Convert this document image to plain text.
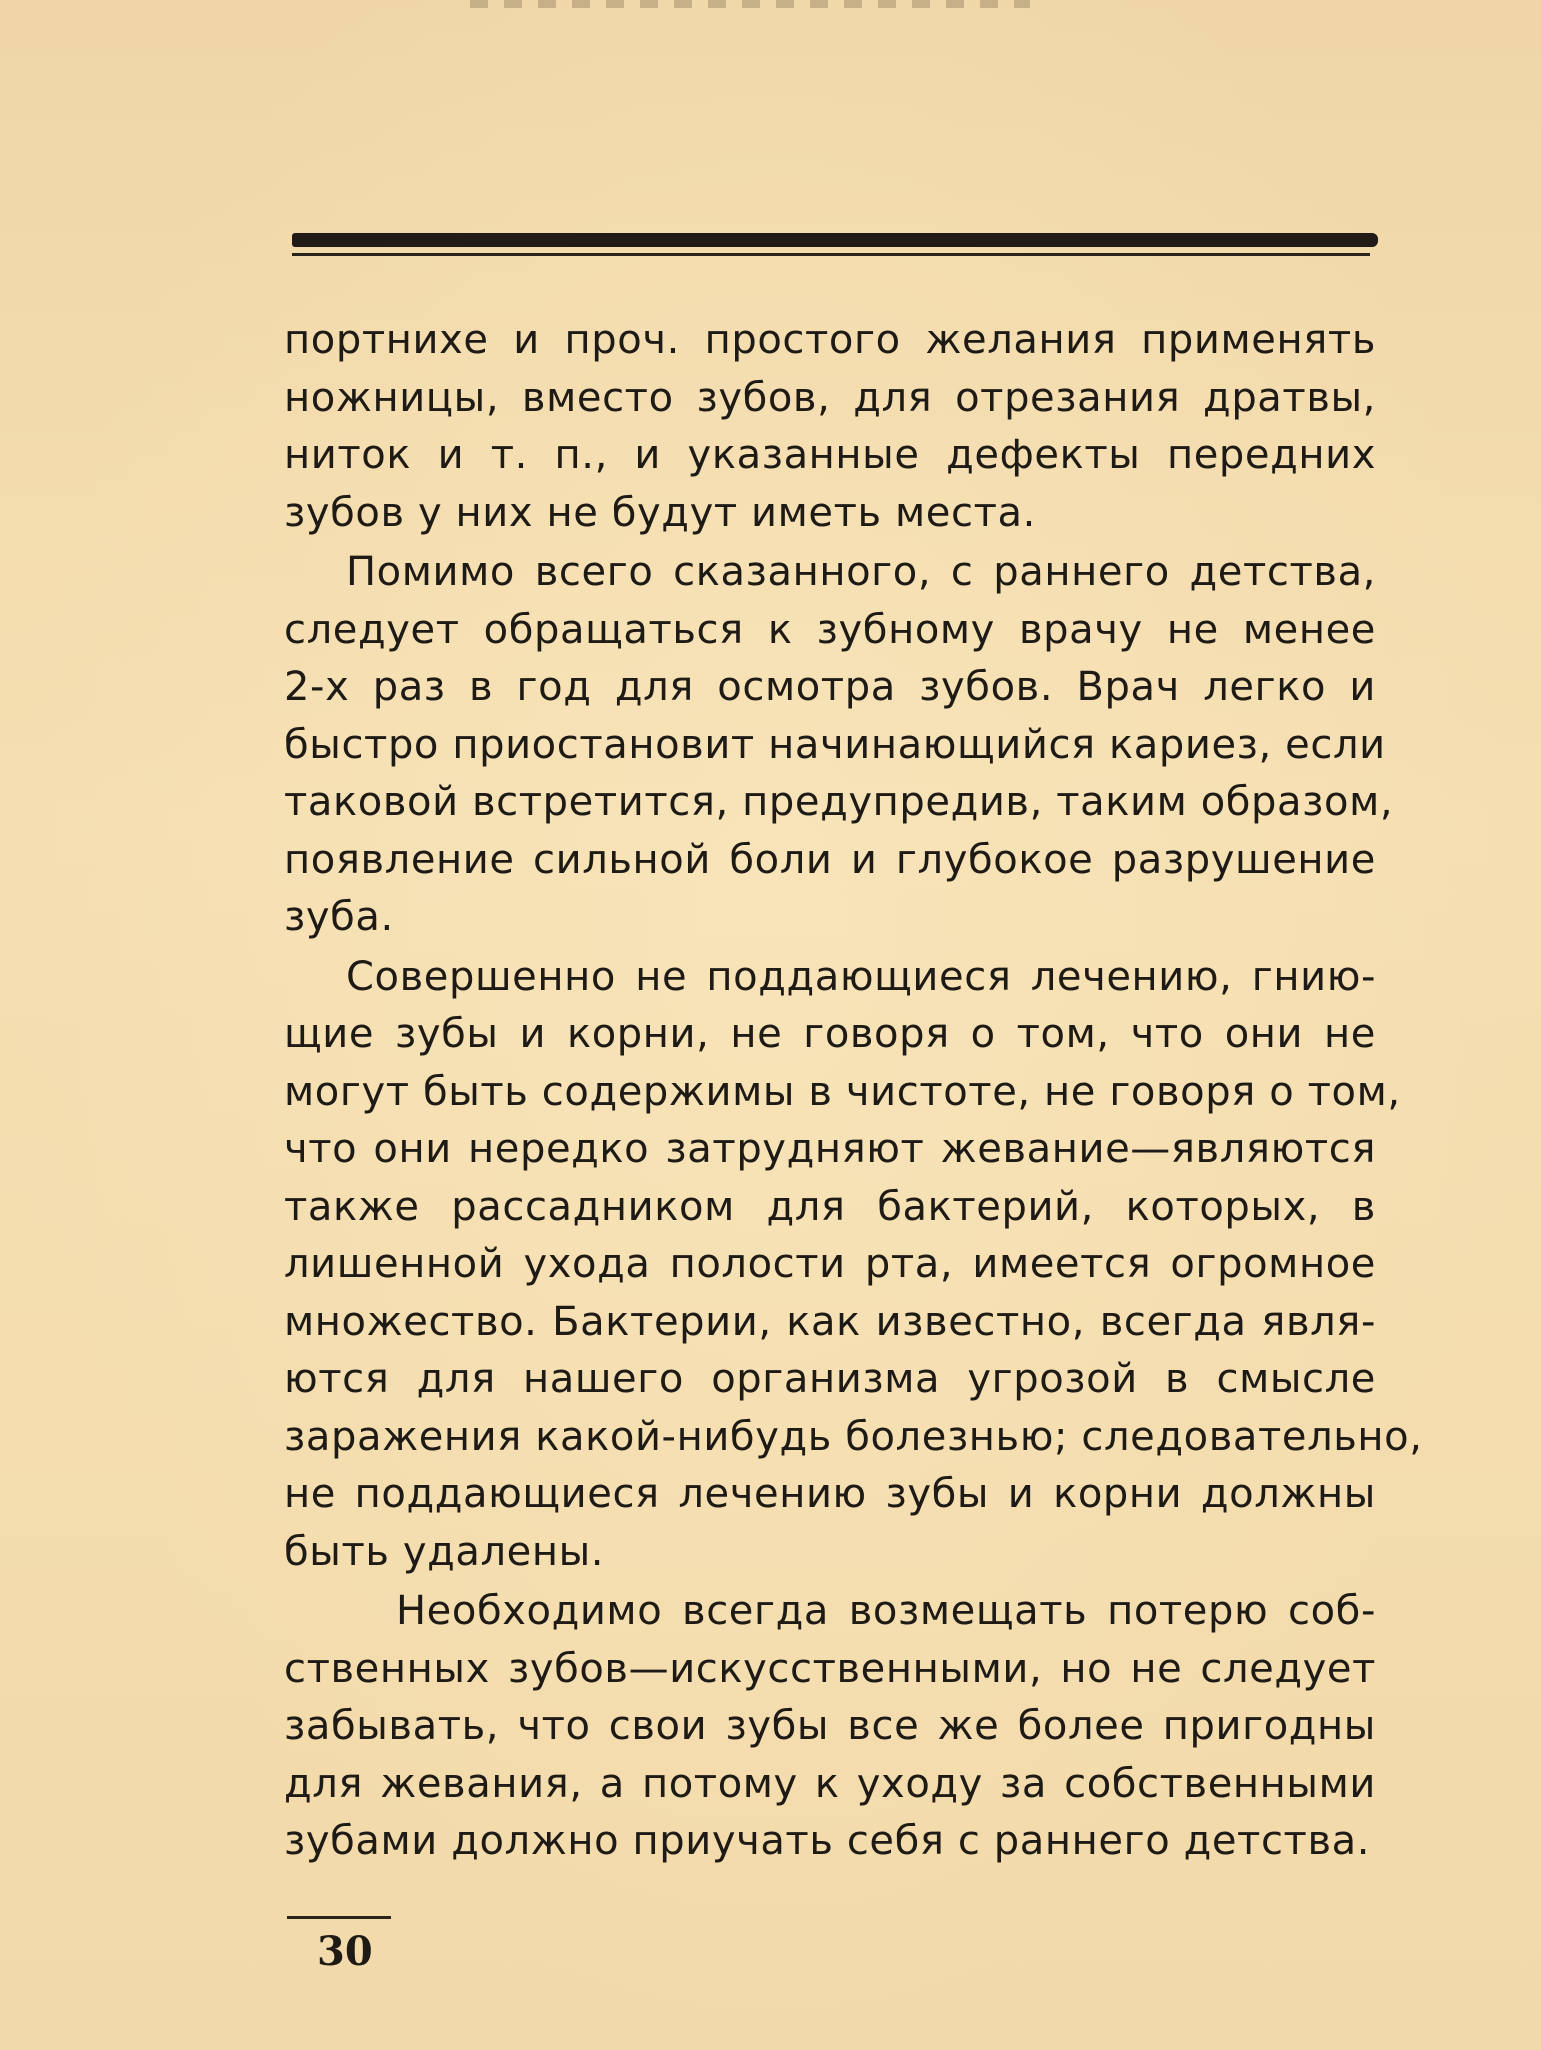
портнихе и проч. простого желания применять
ножницы, вместо зубов, для отрезания дратвы,
ниток и т. п., и указанные дефекты передних
зубов у них не будут иметь места.
Помимо всего сказанного, с раннего детства,
следует обращаться к зубному врачу не менее
2-х раз в год для осмотра зубов. Врач легко и
быстро приостановит начинающийся кариез, если
таковой встретится, предупредив, таким образом,
появление сильной боли и глубокое разрушение
зуба.
Совершенно не поддающиеся лечению, гнию-
щие зубы и корни, не говоря о том, что они не
могут быть содержимы в чистоте, не говоря о том,
что они нередко затрудняют жевание—являются
также рассадником для бактерий, которых, в
лишенной ухода полости рта, имеется огромное
множество. Бактерии, как известно, всегда явля-
ются для нашего организма угрозой в смысле
заражения какой-нибудь болезнью; следовательно,
не поддающиеся лечению зубы и корни должны
быть удалены.
Необходимо всегда возмещать потерю соб-
ственных зубов—искусственными, но не следует
забывать, что свои зубы все же более пригодны
для жевания, а потому к уходу за собственными
зубами должно приучать себя с раннего детства.
30
